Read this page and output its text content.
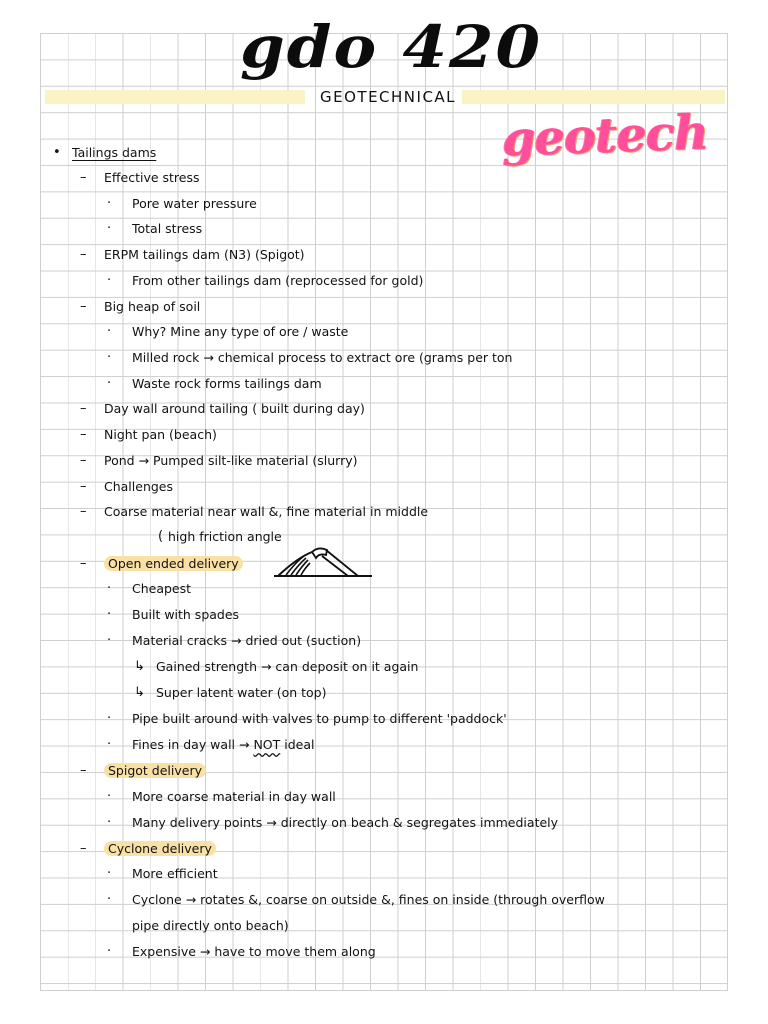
gdo 420
GEOTECHNICAL
geotech
• Tailings dams
– Effective stress
· Pore water pressure
· Total stress
– ERPM tailings dam (N3) (Spigot)
· From other tailings dam (reprocessed for gold)
– Big heap of soil
· Why? Mine any type of ore / waste
· Milled rock → chemical process to extract ore (grams per ton
· Waste rock forms tailings dam
– Day wall around tailing ( built during day)
– Night pan (beach)
– Pond → Pumped silt-like material (slurry)
– Challenges
– Coarse material near wall &, fine material in middle
( high friction angle
–	Open ended delivery
· Cheapest
· Built with spades
· Material cracks → dried out (suction)
↳ Gained strength → can deposit on it again
↳ Super latent water (on top)
· Pipe built around with valves to pump to different 'paddock'
· Fines in day wall → NOT ideal
–	Spigot delivery
· More coarse material in day wall
· Many delivery points → directly on beach & segregates immediately
–	Cyclone delivery
· More efficient
· Cyclone → rotates &, coarse on outside &, fines on inside (through overflow
pipe directly onto beach)
· Expensive → have to move them along
